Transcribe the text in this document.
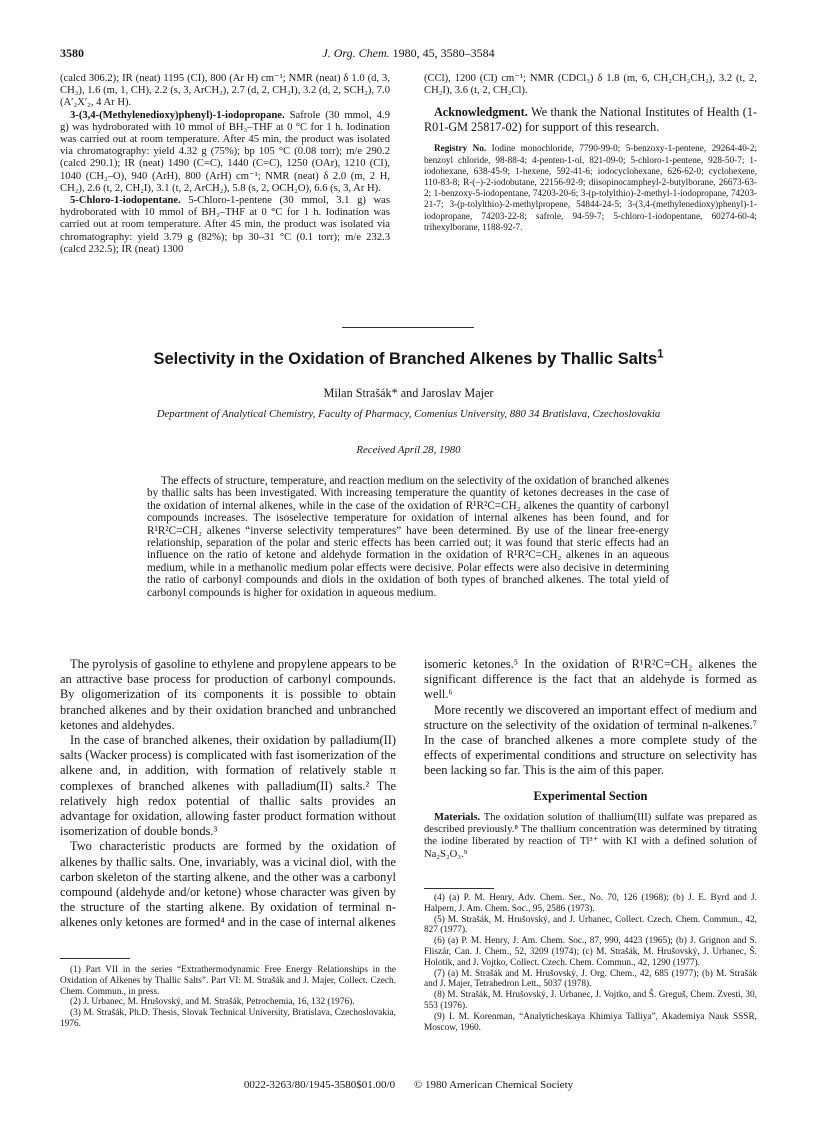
3580	J. Org. Chem. 1980, 45, 3580–3584

(calcd 306.2); IR (neat) 1195 (CI), 800 (Ar H) cm⁻¹; NMR (neat) δ 1.0 (d, 3, CH₃), 1.6 (m, 1, CH), 2.2 (s, 3, ArCH₃), 2.7 (d, 2, CH₂I), 3.2 (d, 2, SCH₂), 7.0 (A′₂X′₂, 4 Ar H).

3-(3,4-(Methylenedioxy)phenyl)-1-iodopropane. Safrole (30 mmol, 4.9 g) was hydroborated with 10 mmol of BH₃–THF at 0 °C for 1 h. Iodination was carried out at room temperature. After 45 min, the product was isolated via chromatography: yield 4.32 g (75%); bp 105 °C (0.08 torr); m/e 290.2 (calcd 290.1); IR (neat) 1490 (C=C), 1440 (C=C), 1250 (OAr), 1210 (CI), 1040 (CH₂–O), 940 (ArH), 800 (ArH) cm⁻¹; NMR (neat) δ 2.0 (m, 2 H, CH₂), 2.6 (t, 2, CH₂I), 3.1 (t, 2, ArCH₂), 5.8 (s, 2, OCH₂O), 6.6 (s, 3, Ar H).

5-Chloro-1-iodopentane. 5-Chloro-1-pentene (30 mmol, 3.1 g) was hydroborated with 10 mmol of BH₃–THF at 0 °C for 1 h. Iodination was carried out at room temperature. After 45 min, the product was isolated via chromatography: yield 3.79 g (82%); bp 30–31 °C (0.1 torr); m/e 232.3 (calcd 232.5); IR (neat) 1300

(CCl), 1200 (CI) cm⁻¹; NMR (CDCl₃) δ 1.8 (m, 6, CH₂CH₂CH₂), 3.2 (t, 2, CH₂I), 3.6 (t, 2, CH₂Cl).

Acknowledgment. We thank the National Institutes of Health (1-R01-GM 25817-02) for support of this research.

Registry No. Iodine monochloride, 7790-99-0; 5-benzoxy-1-pentene, 29264-40-2; benzoyl chloride, 98-88-4; 4-penten-1-ol, 821-09-0; 5-chloro-1-pentene, 928-50-7; 1-iodohexane, 638-45-9; 1-hexene, 592-41-6; iodocyclohexane, 626-62-0; cyclohexene, 110-83-8; R-(–)-2-iodobutane, 22156-92-9; diisopinocampheyl-2-butylborane, 26673-63-2; 1-benzoxy-5-iodopentane, 74203-20-6; 3-(p-tolylthio)-2-methyl-1-iodopropane, 74203-21-7; 3-(p-tolylthio)-2-methylpropene, 54844-24-5; 3-(3,4-(methylenedioxy)phenyl)-1-iodopropane, 74203-22-8; safrole, 94-59-7; 5-chloro-1-iodopentane, 60274-60-4; trihexylborane, 1188-92-7.

Selectivity in the Oxidation of Branched Alkenes by Thallic Salts$^1$
Milan Strašák* and Jaroslav Majer
Department of Analytical Chemistry, Faculty of Pharmacy, Comenius University, 880 34 Bratislava, Czechoslovakia
Received April 28, 1980

The effects of structure, temperature, and reaction medium on the selectivity of the oxidation of branched alkenes by thallic salts has been investigated. With increasing temperature the quantity of ketones decreases in the case of the oxidation of internal alkenes, while in the case of the oxidation of R¹R²C=CH₂ alkenes the quantity of carbonyl compounds increases. The isoselective temperature for oxidation of internal alkenes has been found, and for R¹R²C=CH₂ alkenes “inverse selectivity temperatures” have been determined. By use of the linear free-energy relationship, separation of the polar and steric effects has been carried out; it was found that steric effects had an influence on the ratio of ketone and aldehyde formation in the oxidation of R¹R²C=CH₂ alkenes in an aqueous medium, while in a methanolic medium polar effects were decisive. Polar effects were also decisive in determining the ratio of carbonyl compounds and diols in the oxidation of both types of branched alkenes. The total yield of carbonyl compounds is higher for oxidation in aqueous medium.

The pyrolysis of gasoline to ethylene and propylene appears to be an attractive base process for production of carbonyl compounds. By oligomerization of its components it is possible to obtain branched alkenes and by their oxidation branched and unbranched ketones and aldehydes.

In the case of branched alkenes, their oxidation by palladium(II) salts (Wacker process) is complicated with fast isomerization of the alkene and, in addition, with formation of relatively stable π complexes of branched alkenes with palladium(II) salts.² The relatively high redox potential of thallic salts provides an advantage for oxidation, allowing faster product formation without isomerization of double bonds.³

Two characteristic products are formed by the oxidation of alkenes by thallic salts. One, invariably, was a vicinal diol, with the carbon skeleton of the starting alkene, and the other was a carbonyl compound (aldehyde and/or ketone) whose character was given by the structure of the starting alkene. By oxidation of terminal n-alkenes only ketones are formed⁴ and in the case of internal alkenes

isomeric ketones.⁵ In the oxidation of R¹R²C=CH₂ alkenes the significant difference is the fact that an aldehyde is formed as well.⁶

More recently we discovered an important effect of medium and structure on the selectivity of the oxidation of terminal n-alkenes.⁷ In the case of branched alkenes a more complete study of the effects of experimental conditions and structure on selectivity has been lacking so far. This is the aim of this paper.

Experimental Section

Materials. The oxidation solution of thallium(III) sulfate was prepared as described previously.⁸ The thallium concentration was determined by titrating the iodine liberated by reaction of Tl³⁺ with KI with a defined solution of Na₂S₂O₃.⁹

(1) Part VII in the series “Extrathermodynamic Free Energy Relationships in the Oxidation of Alkenes by Thallic Salts”. Part VI: M. Strašák and J. Majer, Collect. Czech. Chem. Commun., in press.

(2) J. Urbanec, M. Hrušovský, and M. Strašák, Petrochemia, 16, 132 (1976).

(3) M. Strašák, Ph.D. Thesis, Slovak Technical University, Bratislava, Czechoslovakia, 1976.

(4) (a) P. M. Henry, Adv. Chem. Ser., No. 70, 126 (1968); (b) J. E. Byrd and J. Halpern, J. Am. Chem. Soc., 95, 2586 (1973).

(5) M. Strašák, M. Hrušovský, and J. Urbanec, Collect. Czech. Chem. Commun., 42, 827 (1977).

(6) (a) P. M. Henry, J. Am. Chem. Soc., 87, 990, 4423 (1965); (b) J. Grignon and S. Fliszár, Can. J. Chem., 52, 3209 (1974); (c) M. Strašák, M. Hrušovský, J. Urbanec, Š. Holotík, and J. Vojtko, Collect. Czech. Chem. Commun., 42, 1290 (1977).

(7) (a) M. Strašák and M. Hrušovský, J. Org. Chem., 42, 685 (1977); (b) M. Strašák and J. Majer, Tetrahedron Lett., 5037 (1978).

(8) M. Strašák, M. Hrušovský, J. Urbanec, J. Vojtko, and Š. Greguš, Chem. Zvesti, 30, 553 (1976).

(9) I. M. Korenman, “Analyticheskaya Khimiya Talliya”, Akademiya Nauk SSSR, Moscow, 1960.

0022-3263/80/1945-3580$01.00/0 © 1980 American Chemical Society
